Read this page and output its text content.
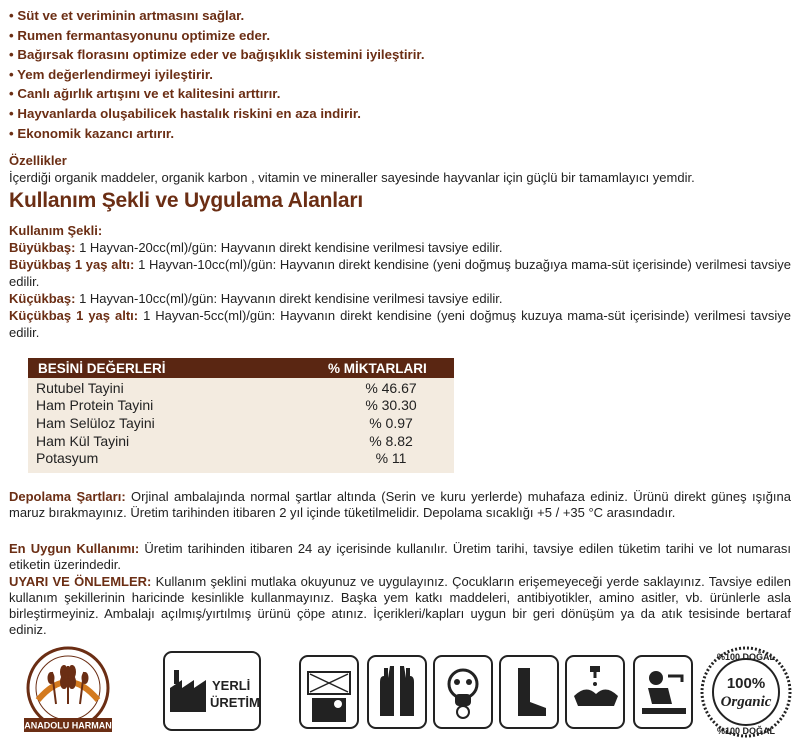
• Süt ve et veriminin artmasını sağlar.
• Rumen fermantasyonunu optimize eder.
• Bağırsak florasını optimize eder ve bağışıklık sistemini iyileştirir.
• Yem değerlendirmeyi iyileştirir.
• Canlı ağırlık artışını ve et kalitesini arttırır.
• Hayvanlarda oluşabilicek hastalık riskini en aza indirir.
• Ekonomik kazancı artırır.
Özellikler
İçerdiği organik maddeler, organik karbon , vitamin ve mineraller sayesinde hayvanlar için güçlü bir tamamlayıcı yemdir.
Kullanım Şekli ve Uygulama Alanları

Kullanım Şekli:

Büyükbaş: 1 Hayvan-20cc(ml)/gün: Hayvanın direkt kendisine verilmesi tavsiye edilir.

Büyükbaş 1 yaş altı: 1 Hayvan-10cc(ml)/gün: Hayvanın direkt kendisine (yeni doğmuş buzağıya mama-süt içerisinde) verilmesi tavsiye edilir.

Küçükbaş: 1 Hayvan-10cc(ml)/gün: Hayvanın direkt kendisine verilmesi tavsiye edilir.

Küçükbaş 1 yaş altı: 1 Hayvan-5cc(ml)/gün: Hayvanın direkt kendisine (yeni doğmuş kuzuya mama-süt içerisinde) verilmesi tavsiye edilir.

BESİNİ DEĞERLERİ	% MİKTARLARI
Rutubel Tayini	% 46.67
Ham Protein Tayini	% 30.30
Ham Selüloz Tayini	% 0.97
Ham Kül Tayini	% 8.82
Potasyum	% 11

Depolama Şartları: Orjinal ambalajında normal şartlar altında (Serin ve kuru yerlerde) muhafaza ediniz. Ürünü direkt güneş ışığına maruz bırakmayınız. Üretim tarihinden itibaren 2 yıl içinde tüketilmelidir. Depolama sıcaklığı +5 / +35 °C arasındadır.

En Uygun Kullanımı: Üretim tarihinden itibaren 24 ay içerisinde kullanılır. Üretim tarihi, tavsiye edilen tüketim tarihi ve lot numarası etiketin üzerindedir.

UYARI VE ÖNLEMLER: Kullanım şeklini mutlaka okuyunuz ve uygulayınız. Çocukların erişemeyeceği yerde saklayınız. Tavsiye edilen kullanım şekillerinin haricinde kesinlikle kullanmayınız. Başka yem katkı maddeleri, antibiyotikler, amino asitler, vb. ürünlerle asla birleştirmeyiniz. Ambalajı açılmış/yırtılmış ürünü çöpe atınız. İçerikleri/kapları uygun bir geri dönüşüm ya da atık tesisinde bertaraf ediniz.

ANADOLU HARMAN
YERLİ
ÜRETİM
%100 DOĞAL
100%
Organic
%100 DOĞAL
